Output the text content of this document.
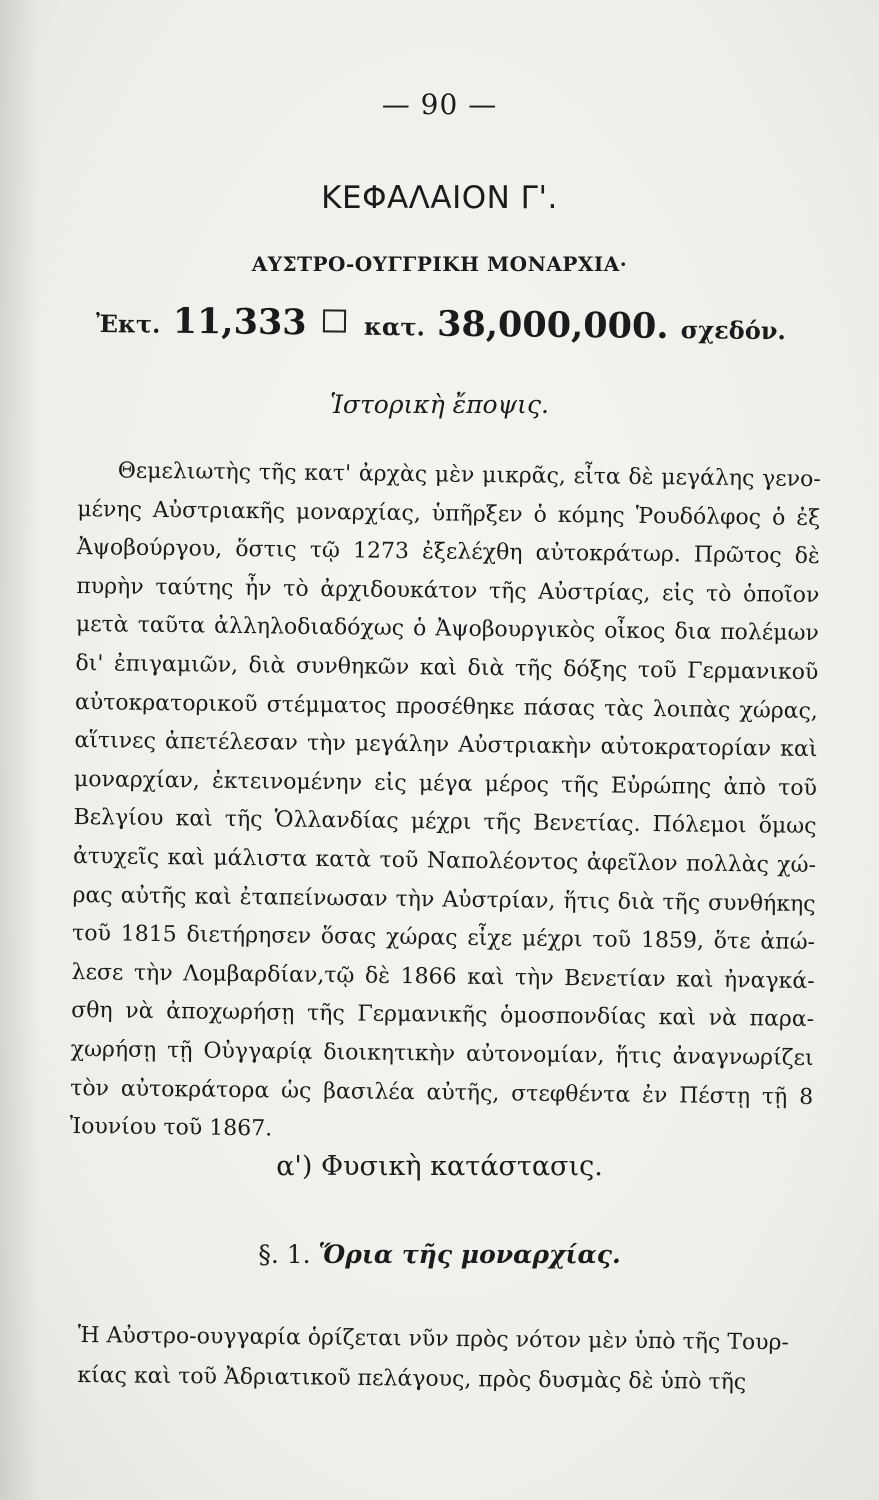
— 90 —
ΚΕΦΑΛΑΙΟΝ Γ'.
ΑΥΣΤΡΟ-ΟΥΓΓΡΙΚΗ ΜΟΝΑΡΧΙΑ·
Ἐκτ. 11,333 κατ. 38,000,000. σχεδόν.
Ἱστορικὴ ἔποψις.
Θεμελιωτὴς τῆς κατ' ἀρχὰς μὲν μικρᾶς, εἶτα δὲ μεγάλης γενο-
μένης Αὐστριακῆς μοναρχίας, ὑπῆρξεν ὁ κόμης Ῥουδόλφος ὁ ἐξ
Ἀψοβούργου, ὅστις τῷ 1273 ἐξελέχθη αὐτοκράτωρ. Πρῶτος δὲ
πυρὴν ταύτης ἦν τὸ ἀρχιδουκάτον τῆς Αὐστρίας, εἰς τὸ ὁποῖον
μετὰ ταῦτα ἀλληλοδιαδόχως ὁ Ἀψοβουργικὸς οἶκος δια πολέμων
δι' ἐπιγαμιῶν, διὰ συνθηκῶν καὶ διὰ τῆς δόξης τοῦ Γερμανικοῦ
αὐτοκρατορικοῦ στέμματος προσέθηκε πάσας τὰς λοιπὰς χώρας,
αἵτινες ἀπετέλεσαν τὴν μεγάλην Αὐστριακὴν αὐτοκρατορίαν καὶ
μοναρχίαν, ἐκτεινομένην εἰς μέγα μέρος τῆς Εὐρώπης ἀπὸ τοῦ
Βελγίου καὶ τῆς Ὁλλανδίας μέχρι τῆς Βενετίας. Πόλεμοι ὅμως
ἀτυχεῖς καὶ μάλιστα κατὰ τοῦ Ναπολέοντος ἀφεῖλον πολλὰς χώ-
ρας αὐτῆς καὶ ἐταπείνωσαν τὴν Αὐστρίαν, ἥτις διὰ τῆς συνθήκης
τοῦ 1815 διετήρησεν ὅσας χώρας εἶχε μέχρι τοῦ 1859, ὅτε ἀπώ-
λεσε τὴν Λομβαρδίαν,τῷ δὲ 1866 καὶ τὴν Βενετίαν καὶ ἠναγκά-
σθη νὰ ἀποχωρήσῃ τῆς Γερμανικῆς ὁμοσπονδίας καὶ νὰ παρα-
χωρήσῃ τῇ Οὐγγαρίᾳ διοικητικὴν αὐτονομίαν, ἥτις ἀναγνωρίζει
τὸν αὐτοκράτορα ὡς βασιλέα αὐτῆς, στεφθέντα ἐν Πέστῃ τῇ 8
Ἰουνίου τοῦ 1867.
α') Φυσικὴ κατάστασις.
§. 1. Ὅρια τῆς μοναρχίας.
Ἡ Αὐστρο-ουγγαρία ὁρίζεται νῦν πρὸς νότον μὲν ὑπὸ τῆς Τουρ-
κίας καὶ τοῦ Ἀδριατικοῦ πελάγους, πρὸς δυσμὰς δὲ ὑπὸ τῆς
